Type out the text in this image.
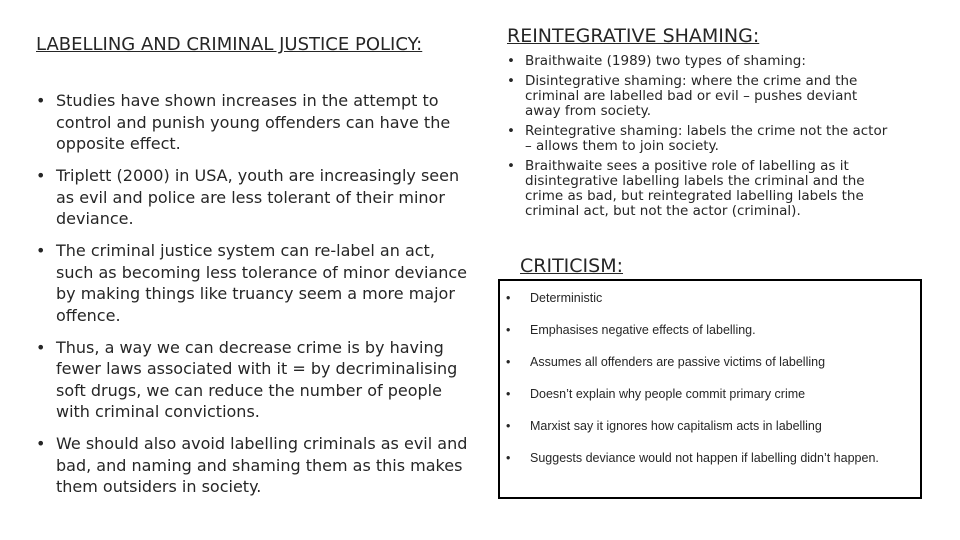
LABELLING AND CRIMINAL JUSTICE POLICY:
• Studies have shown increases in the attempt to control and punish young offenders can have the opposite effect.
• Triplett (2000) in USA, youth are increasingly seen as evil and police are less tolerant of their minor deviance.
• The criminal justice system can re-label an act, such as becoming less tolerance of minor deviance by making things like truancy seem a more major offence.
• Thus, a way we can decrease crime is by having fewer laws associated with it = by decriminalising soft drugs, we can reduce the number of people with criminal convictions.
• We should also avoid labelling criminals as evil and bad, and naming and shaming them as this makes them outsiders in society.
REINTEGRATIVE SHAMING:
• Braithwaite (1989) two types of shaming:
• Disintegrative shaming: where the crime and the criminal are labelled bad or evil – pushes deviant away from society.
• Reintegrative shaming: labels the crime not the actor – allows them to join society.
• Braithwaite sees a positive role of labelling as it disintegrative labelling labels the criminal and the crime as bad, but reintegrated labelling labels the criminal act, but not the actor (criminal).
CRITICISM:
• Deterministic
• Emphasises negative effects of labelling.
• Assumes all offenders are passive victims of labelling
• Doesn’t explain why people commit primary crime
• Marxist say it ignores how capitalism acts in labelling
• Suggests deviance would not happen if labelling didn’t happen.
